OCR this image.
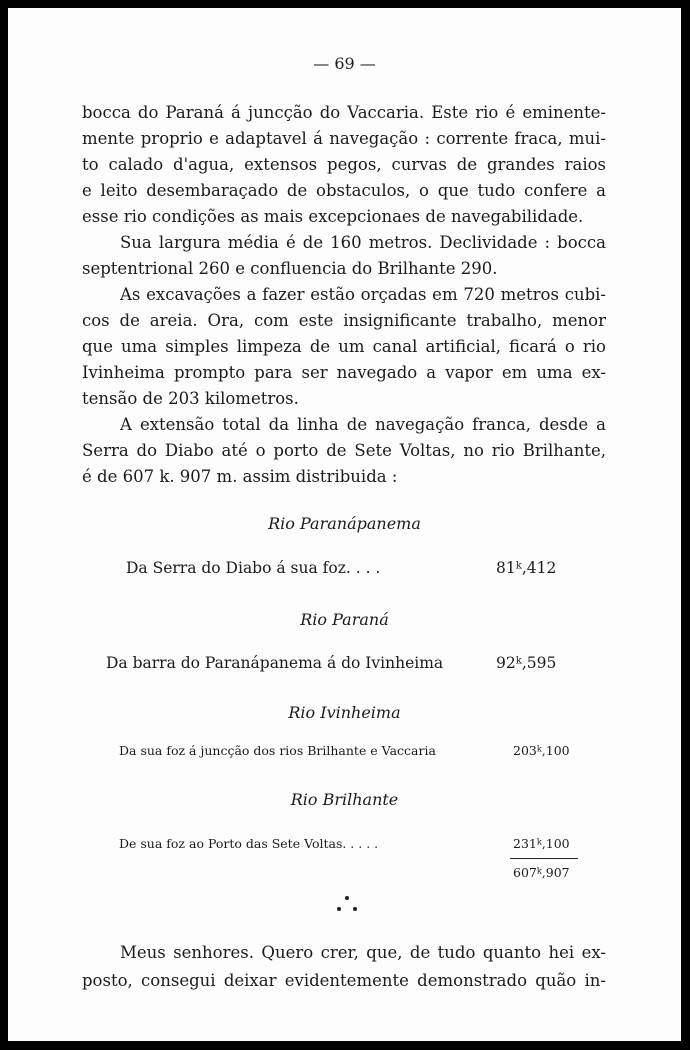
— 69 —
bocca do Paraná á juncção do Vaccaria. Este rio é eminente-
mente proprio e adaptavel á navegação : corrente fraca, mui-
to calado d'agua, extensos pegos, curvas de grandes raios
e leito desembaraçado de obstaculos, o que tudo confere a
esse rio condições as mais excepcionaes de navegabilidade.
Sua largura média é de 160 metros. Declividade : bocca
septentrional 260 e confluencia do Brilhante 290.
As excavações a fazer estão orçadas em 720 metros cubi-
cos de areia. Ora, com este insignificante trabalho, menor
que uma simples limpeza de um canal artificial, ficará o rio
Ivinheima prompto para ser navegado a vapor em uma ex-
tensão de 203 kilometros.
A extensão total da linha de navegação franca, desde a
Serra do Diabo até o porto de Sete Voltas, no rio Brilhante,
é de 607 k. 907 m. assim distribuida :
Rio Paranápanema
Da Serra do Diabo á sua foz. . . .	81$^k$,412
Rio Paraná
Da barra do Paranápanema á do Ivinheima	92$^k$,595
Rio Ivinheima
Da sua foz á juncção dos rios Brilhante e Vaccaria	203$^k$,100
Rio Brilhante
De sua foz ao Porto das Sete Voltas. . . . .	231$^k$,100
607$^k$,907
Meus senhores. Quero crer, que, de tudo quanto hei ex-
posto, consegui deixar evidentemente demonstrado quão in-
